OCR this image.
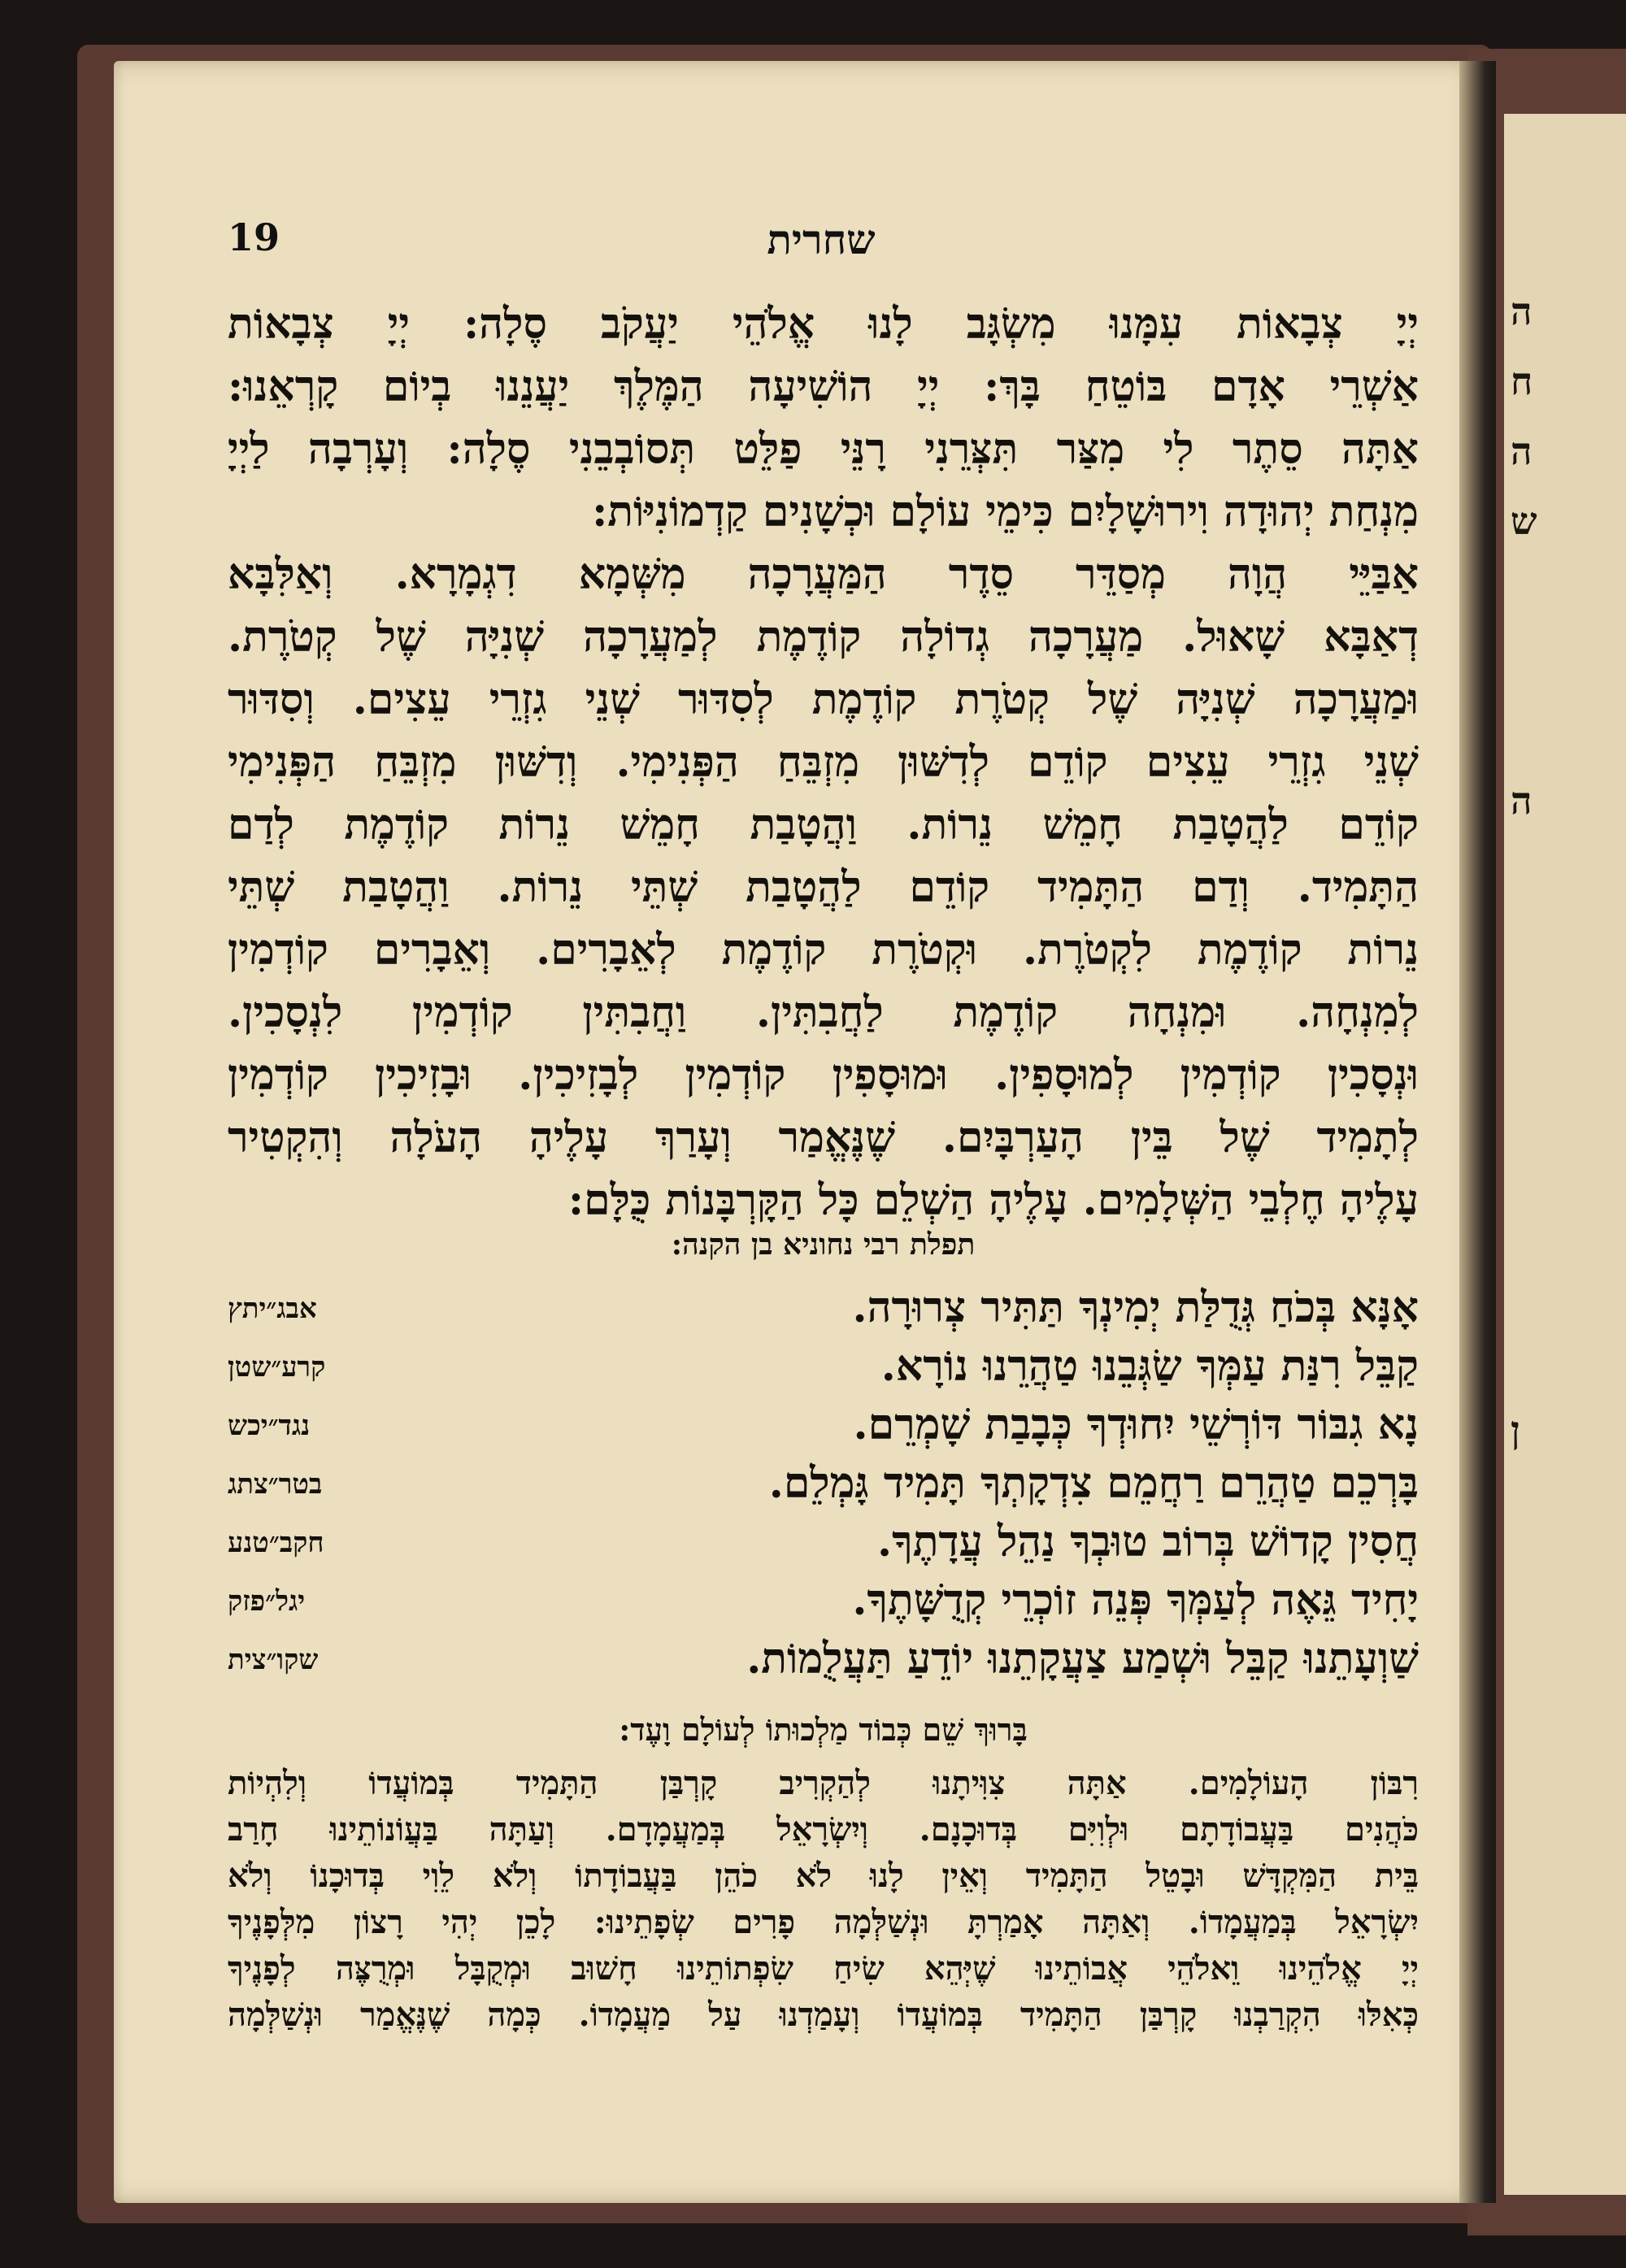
ה
ח
ה
ש
ה
ן
19	שחרית
יְיָ צְבָאוֹת עִמָּנוּ מִשְׂגָּב לָנוּ אֱלֹהֵי יַעֲקֹב סֶלָה: יְיָ צְבָאוֹת
אַשְׁרֵי אָדָם בּוֹטֵחַ בָּךְ: יְיָ הוֹשִׁיעָה הַמֶּלֶךְ יַעֲנֵנוּ בְיוֹם קָרְאֵנוּ:
אַתָּה סֵתֶר לִי מִצַּר תִּצְּרֵנִי רָנֵּי פַלֵּט תְּסוֹבְבֵנִי סֶלָה: וְעָרְבָה לַיְיָ
מִנְחַת יְהוּדָה וִירוּשָׁלָיִם כִּימֵי עוֹלָם וּכְשָׁנִים קַדְמוֹנִיּוֹת:
אַבַּיֵּי הֲוָה מְסַדֵּר סֵדֶר הַמַּעֲרָכָה מִשְּׁמָא דִגְמָרָא. וְאַלִּבָּא
דְאַבָּא שָׁאוּל. מַעֲרָכָה גְדוֹלָה קוֹדֶמֶת לְמַעֲרָכָה שְׁנִיָּה שֶׁל קְטֹרֶת.
וּמַעֲרָכָה שְׁנִיָּה שֶׁל קְטֹרֶת קוֹדֶמֶת לְסִדּוּר שְׁנֵי גִזְרֵי עֵצִים. וְסִדּוּר
שְׁנֵי גִזְרֵי עֵצִים קוֹדֵם לְדִשּׁוּן מִזְבֵּחַ הַפְּנִימִי. וְדִשּׁוּן מִזְבֵּחַ הַפְּנִימִי
קוֹדֵם לַהֲטָבַת חָמֵשׁ נֵרוֹת. וַהֲטָבַת חָמֵשׁ נֵרוֹת קוֹדֶמֶת לְדַם
הַתָּמִיד. וְדַם הַתָּמִיד קוֹדֵם לַהֲטָבַת שְׁתֵּי נֵרוֹת. וַהֲטָבַת שְׁתֵּי
נֵרוֹת קוֹדֶמֶת לִקְטֹרֶת. וּקְטֹרֶת קוֹדֶמֶת לְאֵבָרִים. וְאֵבָרִים קוֹדְמִין
לְמִנְחָה. וּמִנְחָה קוֹדֶמֶת לַחֲבִתִּין. וַחֲבִתִּין קוֹדְמִין לִנְסָכִין.
וּנְסָכִין קוֹדְמִין לְמוּסָפִין. וּמוּסָפִין קוֹדְמִין לְבָזִיכִין. וּבָזִיכִין קוֹדְמִין
לְתָמִיד שֶׁל בֵּין הָעַרְבָּיִם. שֶׁנֶּאֱמַר וְעָרַךְ עָלֶיהָ הָעֹלָה וְהִקְטִיר
עָלֶיהָ חֶלְבֵי הַשְּׁלָמִים. עָלֶיהָ הַשְׁלֵם כָּל הַקָּרְבָּנוֹת כֻּלָּם:
תפלת רבי נחוניא בן הקנה:
אָנָּא בְּכֹחַ גְּדֻלַּת יְמִינְךָ תַּתִּיר צְרוּרָה.
אבג״יתץ
קַבֵּל רִנַּת עַמְּךָ שַׂגְּבֵנוּ טַהֲרֵנוּ נוֹרָא.
קרע״שטן
נָא גִבּוֹר דּוֹרְשֵׁי יִחוּדְךָ כְּבָבַת שָׁמְרֵם.
נגד״יכש
בָּרְכֵם טַהֲרֵם רַחֲמֵם צִדְקָתְךָ תָּמִיד גָּמְלֵם.
בטר״צתג
חֲסִין קָדוֹשׁ בְּרוֹב טוּבְךָ נַהֵל עֲדָתֶךָ.
חקב״טנע
יָחִיד גֵּאֶה לְעַמְּךָ פְּנֵה זוֹכְרֵי קְדֻשָּׁתֶךָ.
יגל״פזק
שַׁוְעָתֵנוּ קַבֵּל וּשְׁמַע צַעֲקָתֵנוּ יוֹדֵעַ תַּעֲלֻמוֹת.
שקו״צית
בָּרוּךְ שֵׁם כְּבוֹד מַלְכוּתוֹ לְעוֹלָם וָעֶד:
רִבּוֹן הָעוֹלָמִים. אַתָּה צִוִּיתָנוּ לְהַקְרִיב קָרְבַּן הַתָּמִיד בְּמוֹעֲדוֹ וְלִהְיוֹת
כֹּהֲנִים בַּעֲבוֹדָתָם וּלְוִיִּם בְּדוּכָנָם. וְיִשְׂרָאֵל בְּמַעֲמָדָם. וְעַתָּה בַּעֲוֹנוֹתֵינוּ חָרַב
בֵּית הַמִּקְדָּשׁ וּבָטֵל הַתָּמִיד וְאֵין לָנוּ לֹא כֹהֵן בַּעֲבוֹדָתוֹ וְלֹא לֵוִי בְּדוּכָנוֹ וְלֹא
יִשְׂרָאֵל בְּמַעֲמָדוֹ. וְאַתָּה אָמַרְתָּ וּנְשַׁלְּמָה פָרִים שְׂפָתֵינוּ: לָכֵן יְהִי רָצוֹן מִלְּפָנֶיךָ
יְיָ אֱלֹהֵינוּ וֵאלֹהֵי אֲבוֹתֵינוּ שֶׁיְּהֵא שִׂיחַ שִׂפְתוֹתֵינוּ חָשׁוּב וּמְקֻבָּל וּמְרֻצֶּה לְפָנֶיךָ
כְּאִלּוּ הִקְרַבְנוּ קָרְבַּן הַתָּמִיד בְּמוֹעֲדוֹ וְעָמַדְנוּ עַל מַעֲמָדוֹ. כְּמָה שֶׁנֶּאֱמַר וּנְשַׁלְּמָה
